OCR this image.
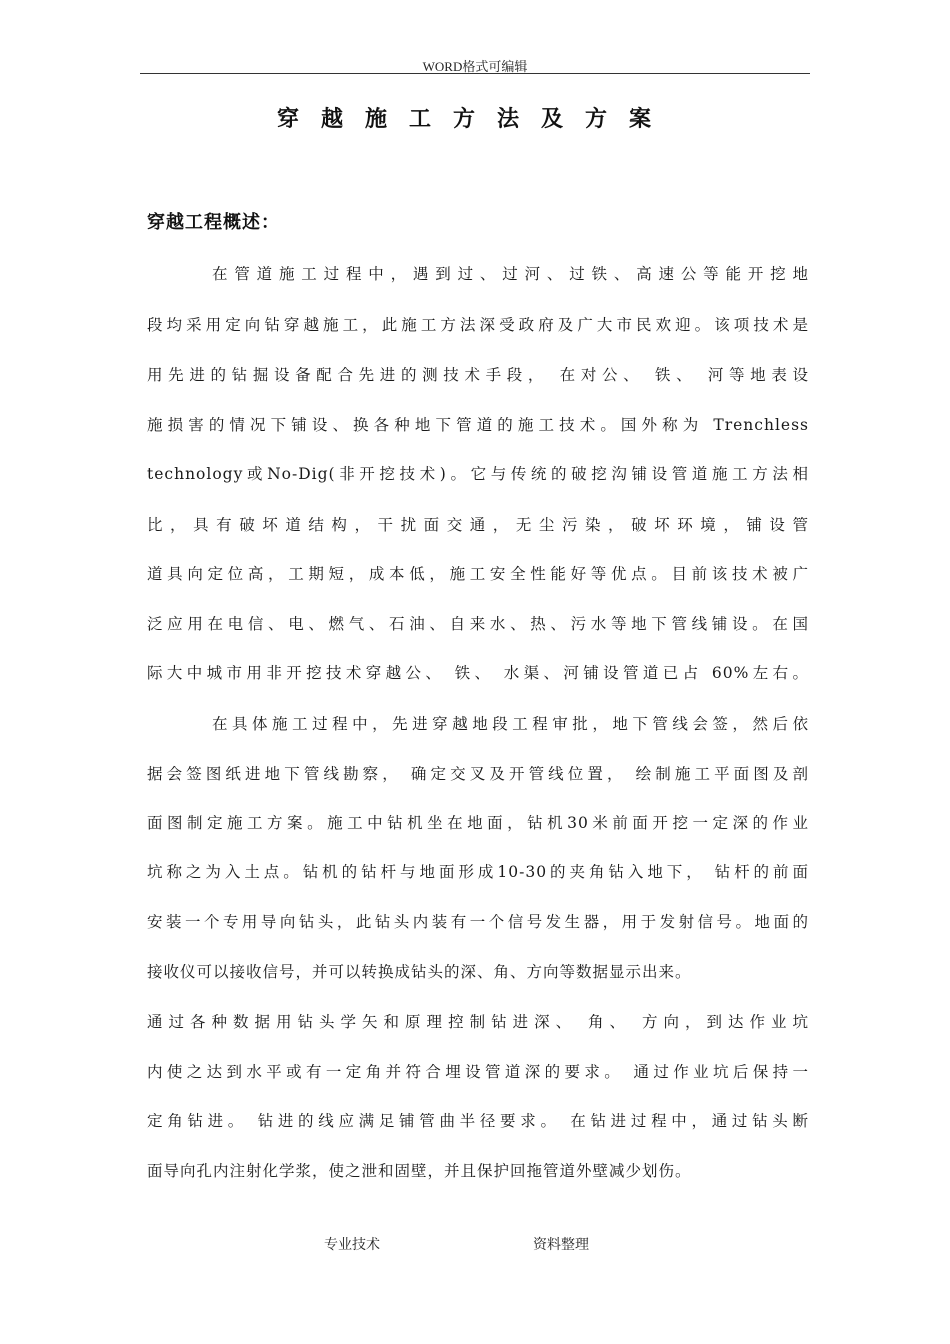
WORD格式可编辑
穿越施工方法及方案
穿越工程概述：
在管道施工过程中，遇到过、过河、过铁、高速公等能开挖地
段均采用定向钻穿越施工，此施工方法深受政府及广大市民欢迎。该项技术是
用先进的钻掘设备配合先进的测技术手段， 在对公、 铁、 河等地表设
施损害的情况下铺设、换各种地下管道的施工技术。国外称为 Trenchless
technology或No-Dig(非开挖技术)。它与传统的破挖沟铺设管道施工方法相
比，具有破坏道结构，干扰面交通，无尘污染，破坏环境，铺设管
道具向定位高，工期短，成本低，施工安全性能好等优点。目前该技术被广
泛应用在电信、电、燃气、石油、自来水、热、污水等地下管线铺设。在国
际大中城市用非开挖技术穿越公、 铁、 水渠、河铺设管道已占 60%左右。
在具体施工过程中，先进穿越地段工程审批，地下管线会签，然后依
据会签图纸进地下管线勘察， 确定交叉及开管线位置， 绘制施工平面图及剖
面图制定施工方案。施工中钻机坐在地面，钻机30米前面开挖一定深的作业
坑称之为入土点。钻机的钻杆与地面形成10-30的夹角钻入地下， 钻杆的前面
安装一个专用导向钻头，此钻头内装有一个信号发生器，用于发射信号。地面的
接收仪可以接收信号，并可以转换成钻头的深、角、方向等数据显示出来。
通过各种数据用钻头学矢和原理控制钻进深、 角、 方向，到达作业坑
内使之达到水平或有一定角并符合埋设管道深的要求。 通过作业坑后保持一
定角钻进。 钻进的线应满足铺管曲半径要求。 在钻进过程中，通过钻头断
面导向孔内注射化学浆，使之泄和固壁，并且保护回拖管道外壁减少划伤。
专业技术	资料整理
